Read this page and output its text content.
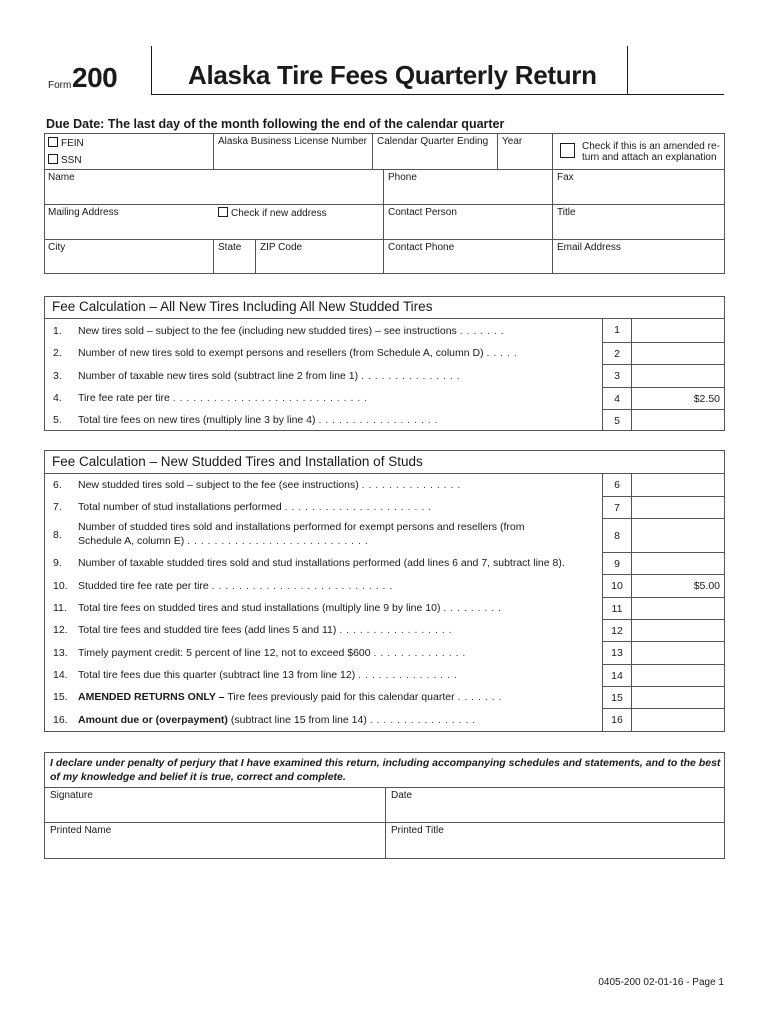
Form 200	Alaska Tire Fees Quarterly Return
Due Date: The last day of the month following the end of the calendar quarter
FEIN
SSN
Alaska Business License Number Calendar Quarter Ending Year	Check if this is an amended re-
turn and attach an explanation
Name	Phone	Fax
Mailing Address	Check if new address	Contact Person	Title
City	State ZIP Code	Contact Phone	Email Address
Fee Calculation – All New Tires Including All New Studded Tires
1. New tires sold – subject to the fee (including new studded tires) – see instructions . . . . . . .	1
2. Number of new tires sold to exempt persons and resellers (from Schedule A, column D) . . . . .	2
3. Number of taxable new tires sold (subtract line 2 from line 1) . . . . . . . . . . . . . . .	3
4. Tire fee rate per tire . . . . . . . . . . . . . . . . . . . . . . . . . . . . .	4	$2.50
5. Total tire fees on new tires (multiply line 3 by line 4) . . . . . . . . . . . . . . . . . .	5
Fee Calculation – New Studded Tires and Installation of Studs
6. New studded tires sold – subject to the fee (see instructions) . . . . . . . . . . . . . . .	6
7. Total number of stud installations performed . . . . . . . . . . . . . . . . . . . . . .	7
8.
Number of studded tires sold and installations performed for exempt persons and resellers (from
Schedule A, column E) . . . . . . . . . . . . . . . . . . . . . . . . . . .	8
9. Number of taxable studded tires sold and stud installations performed (add lines 6 and 7, subtract line 8).	9
10. Studded tire fee rate per tire . . . . . . . . . . . . . . . . . . . . . . . . . . .	10	$5.00
11. Total tire fees on studded tires and stud installations (multiply line 9 by line 10) . . . . . . . . .	11
12. Total tire fees and studded tire fees (add lines 5 and 11) . . . . . . . . . . . . . . . . .	12
13. Timely payment credit: 5 percent of line 12, not to exceed $600 . . . . . . . . . . . . . .	13
14. Total tire fees due this quarter (subtract line 13 from line 12) . . . . . . . . . . . . . . .	14
15. AMENDED RETURNS ONLY – Tire fees previously paid for this calendar quarter . . . . . . .	15
16. Amount due or (overpayment) (subtract line 15 from line 14) . . . . . . . . . . . . . . . .	16
I declare under penalty of perjury that I have examined this return, including accompanying schedules and statements, and to the best of my knowledge and belief it is true, correct and complete.
Signature	Date
Printed Name	Printed Title
0405-200 02-01-16 - Page 1
